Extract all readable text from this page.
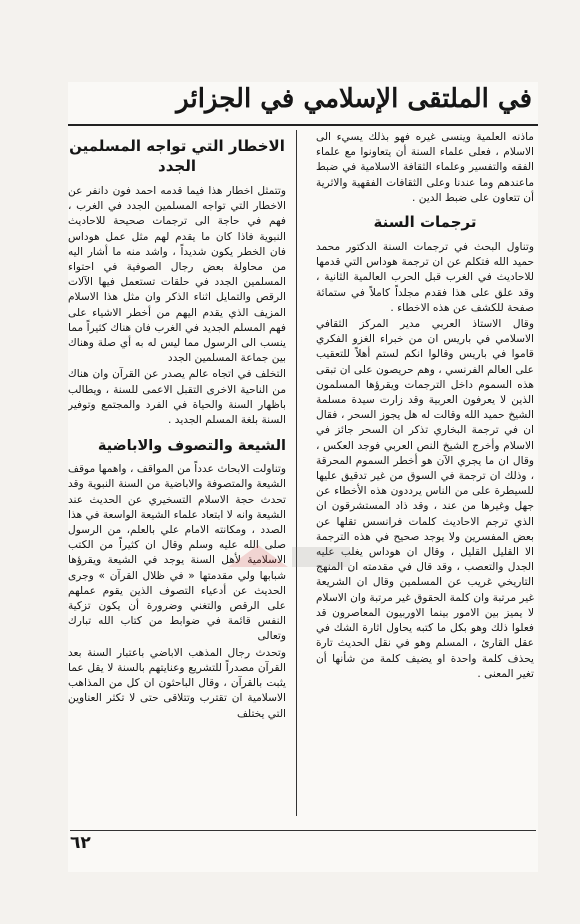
في الملتقى الإسلامي في الجزائر

ماذنه العلمية وينسى غيره فهو بذلك يسيء الى الاسلام ، فعلى علماء السنة أن يتعاونوا مع علماء الفقه والتفسير وعلماء الثقافة الاسلامية في ضبط ماعندهم وما عندنا وعلى الثقافات الفقهية والاثرية أن تتعاون على ضبط الدين .

ترجمات السنة

وتناول البحث في ترجمات السنة الدكتور محمد حميد الله فتكلم عن ان ترجمة هوداس التي قدمها للاحاديث في الغرب قبل الحرب العالمية الثانية ، وقد علق على هذا فقدم مجلداً كاملاً في ستمائة صفحة للكشف عن هذه الاخطاء .

وقال الاستاذ العربي مدير المركز الثقافي الاسلامي في باريس ان من خبراء الغزو الفكري قاموا في باريس وقالوا انكم لستم أهلاً للتعقيب على العالم الفرنسي ، وهم حريصون على ان تبقى هذه السموم داخل الترجمات ويقرؤها المسلمون الذين لا يعرفون العربية وقد زارت سيدة مسلمة الشيخ حميد الله وقالت له هل يجوز السحر ، فقال ان في ترجمة البخاري تذكر ان السحر جائز في الاسلام وأخرج الشيخ النص العربي فوجد العكس ، وقال ان ما يجري الآن هو أخطر السموم المحرقة ، وذلك ان ترجمة في السوق من غير تدقيق عليها للسيطرة على من الناس يرددون هذه الأخطاء عن جهل وغيرها من عند ، وقد ذاد المستشرقون ان الذي ترجم الاحاديث كلمات فرانسس تقلها عن بعض المفسرين ولا يوجد صحيح في هذه الترجمة الا القليل القليل ، وقال ان هوداس يغلب عليه الجدل والتعصب ، وقد قال في مقدمته ان المنهج التاريخي غريب عن المسلمين وقال ان الشريعة غير مرتبة وان كلمة الحقوق غير مرتبة وان الاسلام لا يميز بين الامور بينما الاوربيون المعاصرون قد فعلوا ذلك وهو بكل ما كتبه يحاول اثارة الشك في عقل القارئ ، المسلم وهو في نقل الحديث تارة يحذف كلمة واحدة او يضيف كلمة من شأنها أن تغير المعنى .

الاخطار التي تواجه المسلمين الجدد

وتتمثل اخطار هذا فيما قدمه احمد فون دانفر عن الاخطار التي تواجه المسلمين الجدد في الغرب ، فهم في حاجة الى ترجمات صحيحة للاحاديث النبوية فاذا كان ما يقدم لهم مثل عمل هوداس فان الخطر يكون شديداً ، واشد منه ما أشار اليه من محاولة بعض رجال الصوفية في احتواء المسلمين الجدد في حلقات تستعمل فيها الآلات الرقص والتمايل اثناء الذكر وان مثل هذا الاسلام المزيف الذي يقدم اليهم من أخطر الاشياء على فهم المسلم الجديد في الغرب فان هناك كثيراً مما ينسب الى الرسول مما ليس له به أي صلة وهناك بين جماعة المسلمين الجدد

التخلف في اتجاه عالم يصدر عن القرآن وان هناك من الناحية الاخرى التقبل الاعمى للسنة ، ويطالب باظهار السنة والحياة في الفرد والمجتمع وتوفير السنة بلغة المسلم الجديد .

الشيعة والتصوف والاباضية

وتناولت الابحاث عدداً من المواقف ، واهمها موقف الشيعة والمتصوفة والاباضية من السنة النبوية وقد تحدث حجة الاسلام التسخيري عن الحديث عند الشيعة وانه لا ابتعاد علماء الشيعة الواسعة في هذا الصدد ، ومكانته الامام علي بالعلم، من الرسول صلى الله عليه وسلم وقال ان كثيراً من الكتب الاسلامية لأهل السنة يوجد في الشيعة ويقرؤها شبابها ولي مقدمتها « في ظلال القرآن » وجرى الحديث عن أدعياء التصوف الذين يقوم عملهم على الرقص والتغني وضرورة أن يكون تزكية النفس قائمة في ضوابط من كتاب الله تبارك وتعالى

وتحدث رجال المذهب الاباضي باعتبار السنة بعد القرآن مصدراً للتشريع وعنايتهم بالسنة لا يقل عما يثبت بالقرآن ، وقال الباحثون ان كل من المذاهب الاسلامية ان تقترب وتتلاقى حتى لا تكثر العناوين التي يختلف

٦٢
